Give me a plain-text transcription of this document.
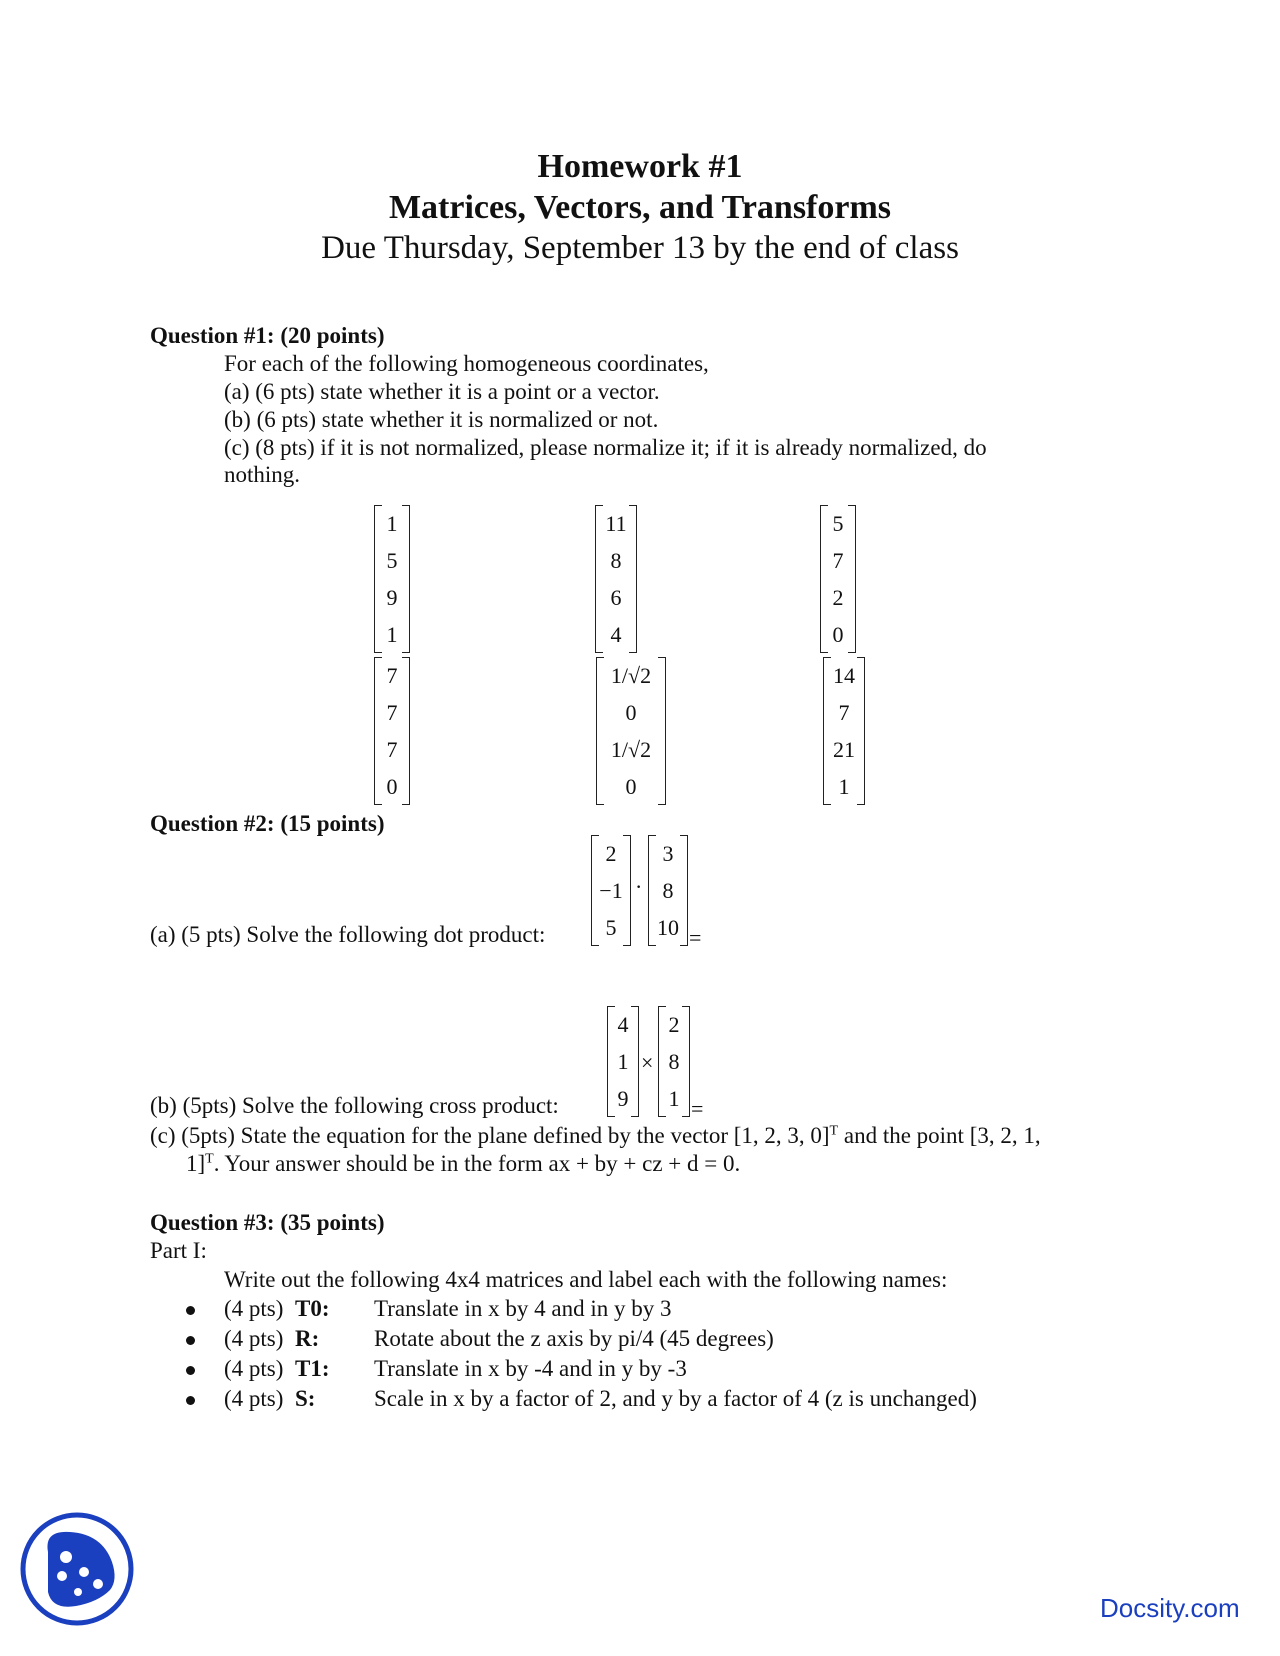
Homework #1
Matrices, Vectors, and Transforms
Due Thursday, September 13 by the end of class
Question #1: (20 points)
For each of the following homogeneous coordinates,
(a) (6 pts) state whether it is a point or a vector.
(b) (6 pts) state whether it is normalized or not.
(c) (8 pts) if it is not normalized, please normalize it; if it is already normalized, do
nothing.
1
5
9
1
11
8
6
4
5
7
2
0
7
7
7
0
1/√2
0
1/√2
0
14
7
21
1
Question #2: (15 points)
(a) (5 pts) Solve the following dot product:
2
−1
5
·
3
8
10 =
(b) (5pts) Solve the following cross product:
4
1
9
×
2
8
1 =
(c) (5pts) State the equation for the plane defined by the vector [1, 2, 3, 0]$^T$ and the point [3, 2, 1,
1]$^T$. Your answer should be in the form ax + by + cz + d = 0.
Question #3: (35 points)
Part I:
Write out the following 4x4 matrices and label each with the following names:
(4 pts) T0: Translate in x by 4 and in y by 3
(4 pts) R: Rotate about the z axis by pi/4 (45 degrees)
(4 pts) T1: Translate in x by -4 and in y by -3
(4 pts) S:	Scale in x by a factor of 2, and y by a factor of 4 (z is unchanged)
Docsity.com
